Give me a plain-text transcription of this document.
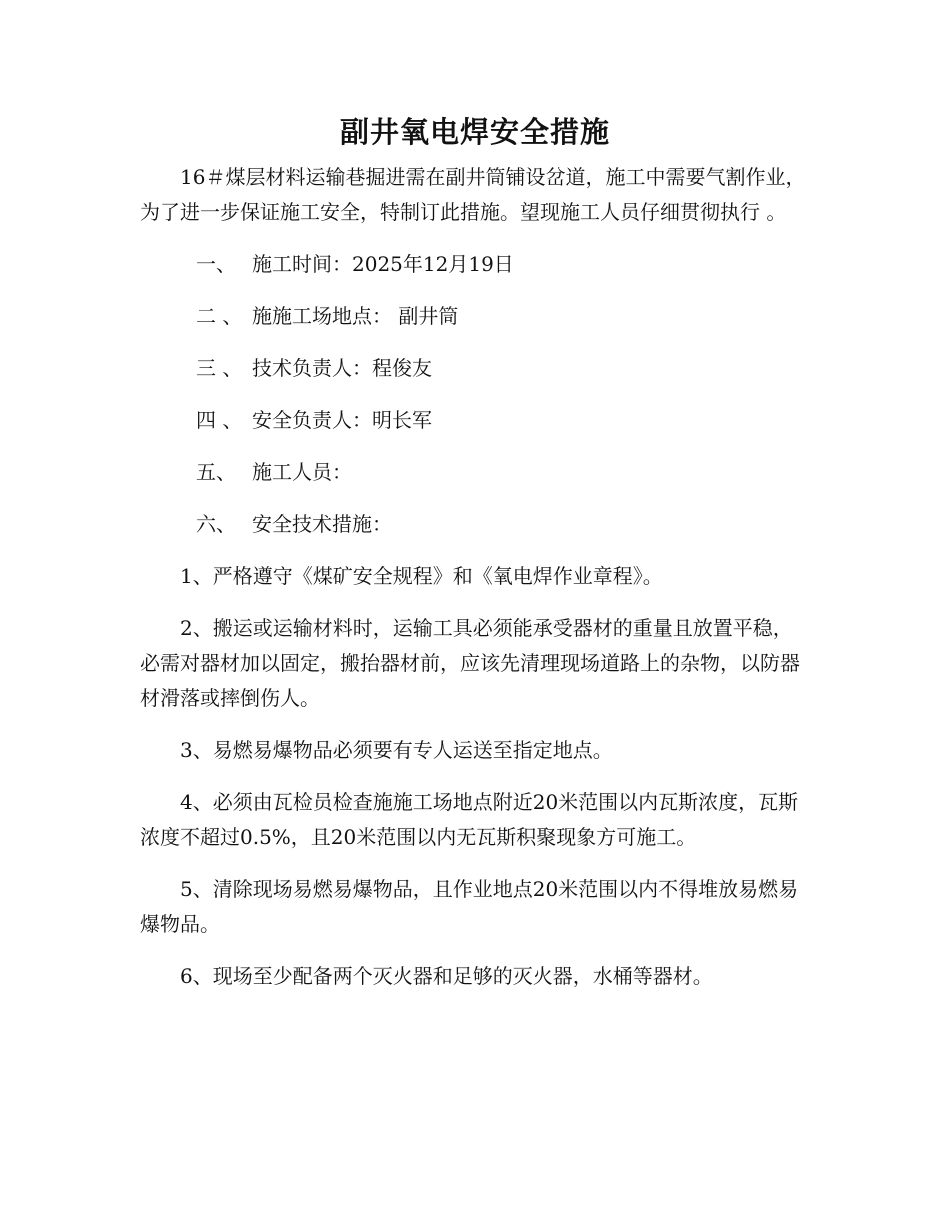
副井氧电焊安全措施

16＃煤层材料运输巷掘进需在副井筒铺设岔道，施工中需要气割作业，为了进一步保证施工安全，特制订此措施。望现施工人员仔细贯彻执行 。

一、 施工时间：2025年12月19日

二 、 施施工场地点： 副井筒

三 、 技术负责人：程俊友

四 、 安全负责人：明长军

五、 施工人员：

六、 安全技术措施：

1、严格遵守《煤矿安全规程》和《氧电焊作业章程》。

2、搬运或运输材料时，运输工具必须能承受器材的重量且放置平稳，必需对器材加以固定，搬抬器材前，应该先清理现场道路上的杂物，以防器材滑落或摔倒伤人。

3、易燃易爆物品必须要有专人运送至指定地点。

4、必须由瓦检员检查施施工场地点附近20米范围以内瓦斯浓度，瓦斯浓度不超过0.5%，且20米范围以内无瓦斯积聚现象方可施工。

5、清除现场易燃易爆物品，且作业地点20米范围以内不得堆放易燃易爆物品。

6、现场至少配备两个灭火器和足够的灭火器，水桶等器材。
